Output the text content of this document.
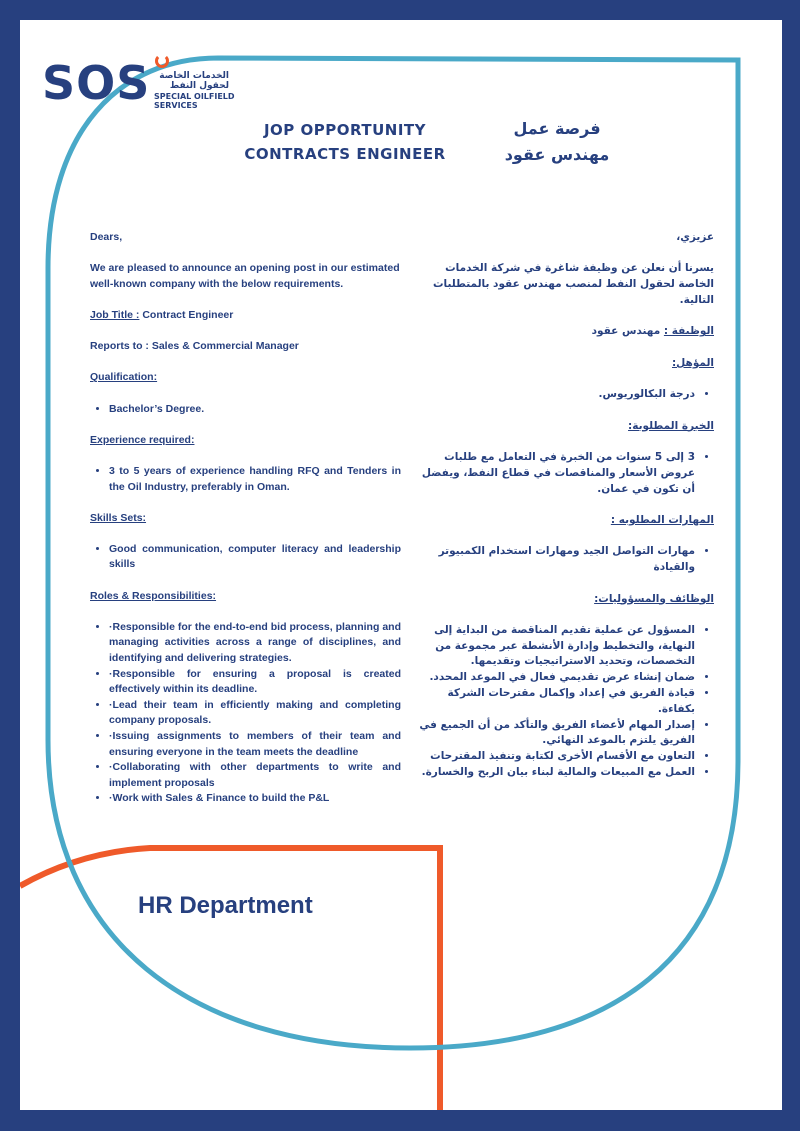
SOS الخدمات الخاصة لحقول النفط
SPECIAL OILFIELD
SERVICES
JOP OPPORTUNITY
CONTRACTS ENGINEER
فرصة عمل
مهندس عقود

Dears,

We are pleased to announce an opening post in our estimated well-known company with the below requirements.

Job Title : Contract Engineer

Reports to : Sales & Commercial Manager

Qualification:

• Bachelor’s Degree.

Experience required:

• 3 to 5 years of experience handling RFQ and Tenders in the Oil Industry, preferably in Oman.

Skills Sets:

• Good communication, computer literacy and leadership skills

Roles & Responsibilities:

• ·Responsible for the end-to-end bid process, planning and managing activities across a range of disciplines, and identifying and delivering strategies.
• ·Responsible for ensuring a proposal is created effectively within its deadline.
• ·Lead their team in efficiently making and completing company proposals.
• ·Issuing assignments to members of their team and ensuring everyone in the team meets the deadline
• ·Collaborating with other departments to write and implement proposals
• ·Work with Sales & Finance to build the P&L

عزيزي،

يسرنا أن نعلن عن وظيفة شاغرة في شركة الخدمات الخاصة لحقول النفط لمنصب مهندس عقود بالمتطلبات التالية.

الوظيفة : مهندس عقود

المؤهل:

• درجة البكالوريوس.

الخبرة المطلوبة:

• 3 إلى 5 سنوات من الخبرة في التعامل مع طلبات عروض الأسعار والمناقصات في قطاع النفط، ويفضل أن تكون في عمان.

المهارات المطلوبه :

• مهارات التواصل الجيد ومهارات استخدام الكمبيوتر والقيادة

الوظائف والمسؤوليات:

• المسؤول عن عملية تقديم المناقصة من البداية إلى النهاية، والتخطيط وإدارة الأنشطة عبر مجموعة من التخصصات، وتحديد الاستراتيجيات وتقديمها.
• ضمان إنشاء عرض تقديمي فعال في الموعد المحدد.
• قيادة الفريق في إعداد وإكمال مقترحات الشركة بكفاءة.
• إصدار المهام لأعضاء الفريق والتأكد من أن الجميع في الفريق يلتزم بالموعد النهائي.
• التعاون مع الأقسام الأخرى لكتابة وتنفيذ المقترحات
• العمل مع المبيعات والمالية لبناء بيان الربح والخسارة.
HR Department
